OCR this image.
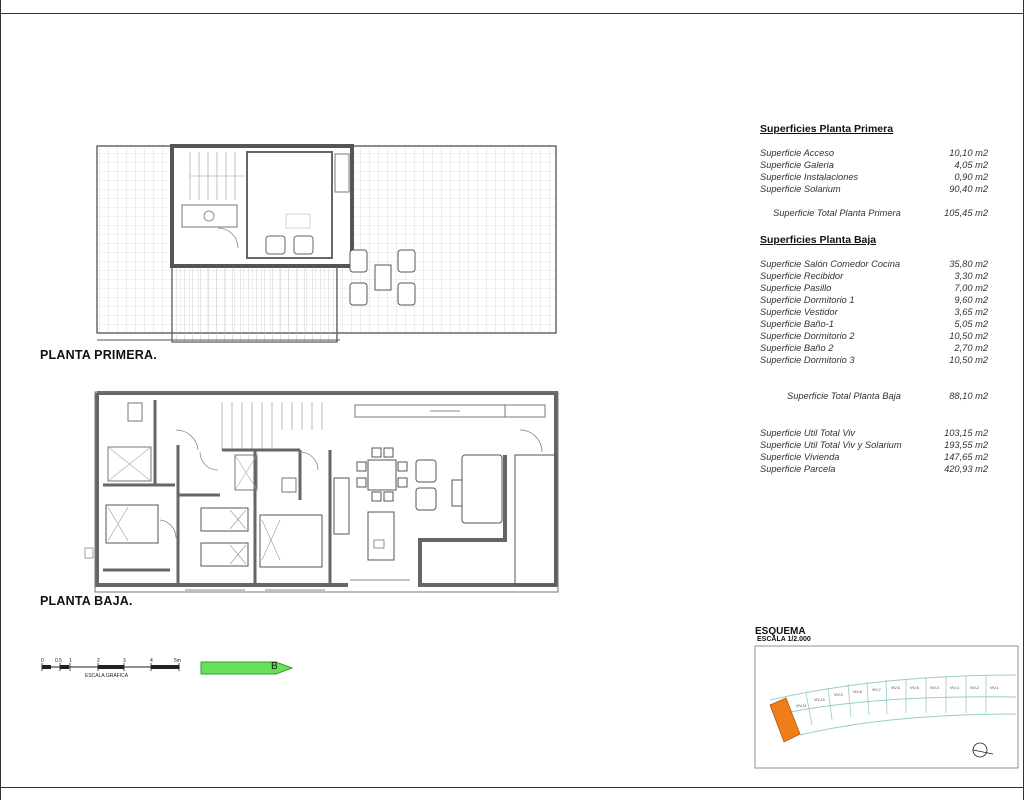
VIV-11
VIV-10
VIV-9
VIV-8	VIV-7	VIV-6	VIV-5	VIV-4	VIV-3	VIV-2	VIV-1
PLANTA PRIMERA.
PLANTA BAJA.
0 0.5 1	2	3	4	5m
ESCALA GRAFICA
B
Superficies Planta Primera
Superficie Acceso	10,10 m2
Superficie Galeria	4,05 m2
Superficie Instalaciones	0,90 m2
Superficie Solarium	90,40 m2
Superficie Total Planta Primera	105,45 m2
Superficies Planta Baja
Superficie Salón Comedor Cocina	35,80 m2
Superficie Recibidor	3,30 m2
Superficie Pasillo	7,00 m2
Superficie Dormitorio 1	9,60 m2
Superficie Vestidor	3,65 m2
Superficie Baño-1	5,05 m2
Superficie Dormitorio 2	10,50 m2
Superficie Baño 2	2,70 m2
Superficie Dormitorio 3	10,50 m2
Superficie Total Planta Baja	88,10 m2
Superficie Util Total Viv	103,15 m2
Superficie Util Total Viv y Solarium	193,55 m2
Superficie Vivienda	147,65 m2
Superficie Parcela	420,93 m2
ESQUEMA
ESCALA 1/2.000
